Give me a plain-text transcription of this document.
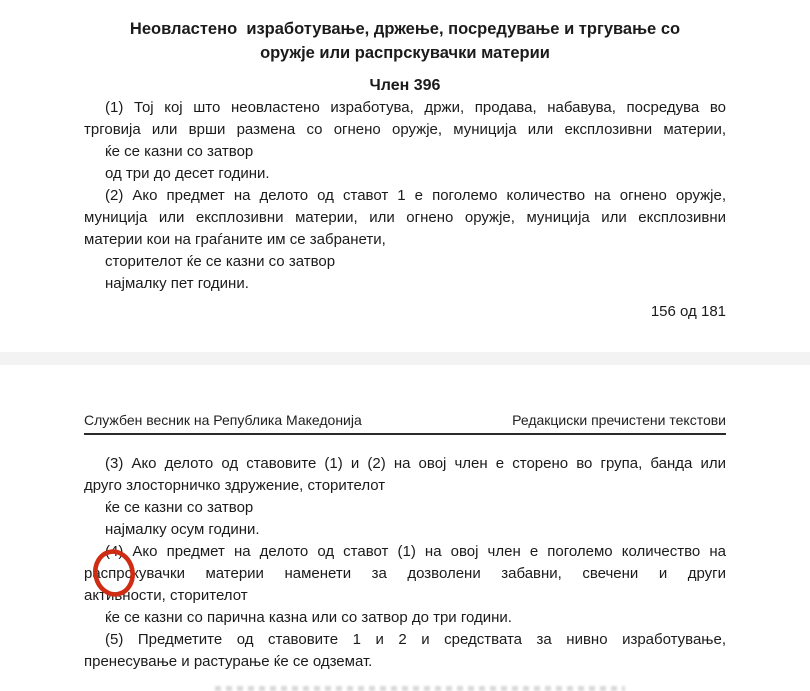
Неовластено  изработување, држење, посредување и тргување со
оружје или распрскувачки материи
Член 396
(1) Тој кој што неовластено изработува, држи, продава, набавува, посредува во
трговија или врши размена со огнено оружје, муниција или експлозивни материи,
ќе се казни со затвор
од три до десет години.
(2) Ако предмет на делото од ставот 1 е поголемо количество на огнено оружје,
муниција или експлозивни материи, или огнено оружје, муниција или експлозивни
материи кои на граѓаните им се забранети,
сторителот ќе се казни со затвор
најмалку пет години.
156 од 181
Службен весник на Република Македонија	Редакциски пречистени текстови
(3) Ако делото од ставовите (1) и (2) на овој член е сторено во група, банда или
друго злосторничко здружение, сторителот
ќе се казни со затвор
најмалку осум години.
(4) Ако предмет на делото од ставот (1) на овој член е поголемо количество на
распрскувачки материи наменети за дозволени забавни, свечени и други
активности, сторителот
ќе се казни со парична казна или со затвор до три години.
(5) Предметите од ставовите 1 и 2 и средствата за нивно изработување,
пренесување и растурање ќе се одземат.
